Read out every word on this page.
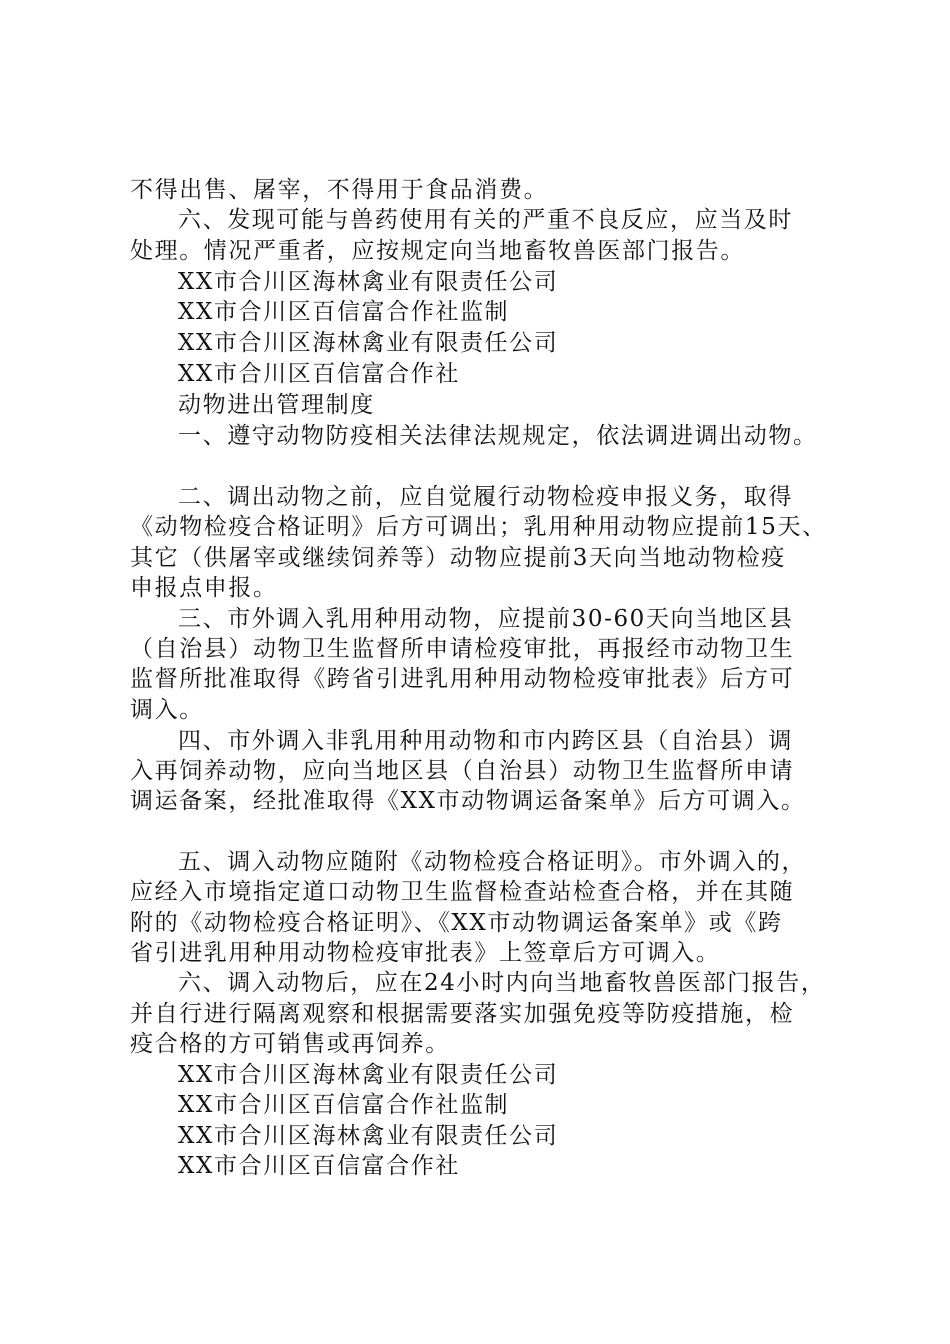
不得出售、屠宰，不得用于食品消费。
六、发现可能与兽药使用有关的严重不良反应，应当及时
处理。情况严重者，应按规定向当地畜牧兽医部门报告。
XX市合川区海林禽业有限责任公司
XX市合川区百信富合作社监制
XX市合川区海林禽业有限责任公司
XX市合川区百信富合作社
动物进出管理制度
一、遵守动物防疫相关法律法规规定，依法调进调出动物。
二、调出动物之前，应自觉履行动物检疫申报义务，取得
《动物检疫合格证明》后方可调出；乳用种用动物应提前15天、
其它（供屠宰或继续饲养等）动物应提前3天向当地动物检疫
申报点申报。
三、市外调入乳用种用动物，应提前30-60天向当地区县
（自治县）动物卫生监督所申请检疫审批，再报经市动物卫生
监督所批准取得《跨省引进乳用种用动物检疫审批表》后方可
调入。
四、市外调入非乳用种用动物和市内跨区县（自治县）调
入再饲养动物，应向当地区县（自治县）动物卫生监督所申请
调运备案，经批准取得《XX市动物调运备案单》后方可调入。
五、调入动物应随附《动物检疫合格证明》。市外调入的，
应经入市境指定道口动物卫生监督检查站检查合格，并在其随
附的《动物检疫合格证明》、《XX市动物调运备案单》或《跨
省引进乳用种用动物检疫审批表》上签章后方可调入。
六、调入动物后，应在24小时内向当地畜牧兽医部门报告，
并自行进行隔离观察和根据需要落实加强免疫等防疫措施，检
疫合格的方可销售或再饲养。
XX市合川区海林禽业有限责任公司
XX市合川区百信富合作社监制
XX市合川区海林禽业有限责任公司
XX市合川区百信富合作社
